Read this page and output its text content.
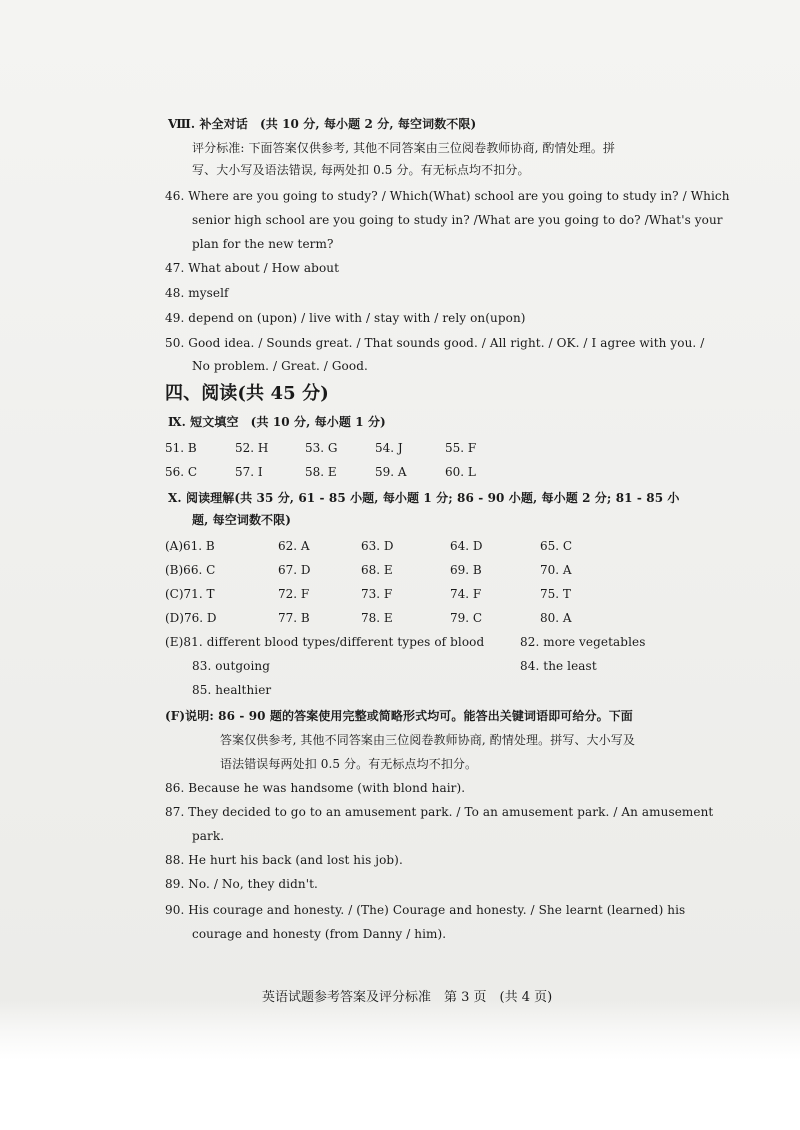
Ⅷ. 补全对话　(共 10 分, 每小题 2 分, 每空词数不限)
评分标准: 下面答案仅供参考, 其他不同答案由三位阅卷教师协商, 酌情处理。拼
写、大小写及语法错误, 每两处扣 0.5 分。有无标点均不扣分。
46. Where are you going to study? / Which(What) school are you going to study in? / Which
senior high school are you going to study in? /What are you going to do? /What's your
plan for the new term?
47. What about / How about
48. myself
49. depend on (upon) / live with / stay with / rely on(upon)
50. Good idea. / Sounds great. / That sounds good. / All right. / OK. / I agree with you. /
No problem. / Great. / Good.
四、阅读(共 45 分)
Ⅸ. 短文填空　(共 10 分, 每小题 1 分)
51. B	52. H	53. G	54. J	55. F
56. C	57. I	58. E	59. A	60. L
Ⅹ. 阅读理解(共 35 分, 61 - 85 小题, 每小题 1 分; 86 - 90 小题, 每小题 2 分; 81 - 85 小
题, 每空词数不限)
(A)61. B	62. A	63. D	64. D	65. C
(B)66. C	67. D	68. E	69. B	70. A
(C)71. T	72. F	73. F	74. F	75. T
(D)76. D	77. B	78. E	79. C	80. A
(E)81. different blood types/different types of blood	82. more vegetables
83. outgoing	84. the least
85. healthier
(F)说明: 86 - 90 题的答案使用完整或简略形式均可。能答出关键词语即可给分。下面
答案仅供参考, 其他不同答案由三位阅卷教师协商, 酌情处理。拼写、大小写及
语法错误每两处扣 0.5 分。有无标点均不扣分。
86. Because he was handsome (with blond hair).
87. They decided to go to an amusement park. / To an amusement park. / An amusement
park.
88. He hurt his back (and lost his job).
89. No. / No, they didn't.
90. His courage and honesty. / (The) Courage and honesty. / She learnt (learned) his
courage and honesty (from Danny / him).
英语试题参考答案及评分标准　第 3 页　(共 4 页)
